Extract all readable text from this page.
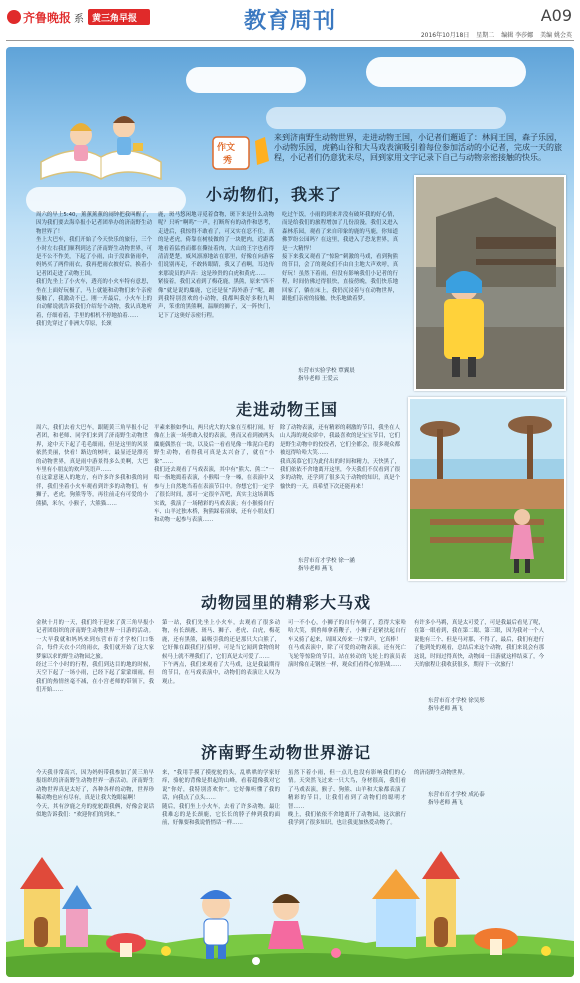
齐鲁晚报 系 黄三角早报	教育周刊	A09
2016年10月18日 星期二 编辑 李莎娜 美编 姚会英
作文
秀
来到济南野生动物世界，走进动物王国，小记者们邂逅了：林间王国，森子乐园，小动物乐园，虎鹤山谷和大马戏表演吸引着每位参加活动的小记者，完成一天的旅程，小记者们仍意犹未尽，回到家用文字记录下自己与动物亲密接触的快乐。
小动物们，我来了
周六的早上5:40，薰薰薰薰的闹钟把我叫醒了，因为我们要去海阜报小记者团举办的济南野生动物世界了！
坐上大巴车，我们开始了今天快乐的旅行，三个小时左右我们顺利到达了济南野生动物世界，可是不公不作美，下起了小雨，由于没准备雨伞，妈妈买了两件雨衣，我再把雨衣披好后，换着小记者团走进了动物王国。
我们先坐上了小火车，透亮的小火车特有意思，坐在上面好玩极了，马上就能和动物们来个亲密接触了，我激动不已。刚一开最后，小火车上的自动解说就告诉我们介绍每个动物，我认真地听着，仔细看着，手里的相机不停地拍着……
我们先穿过了非洲大草原，长颈
鹿，斑马悠闲地寻觅着食物，斑下来是什么动物呢？只听“啊呜”一声，打断所有的动作和思考，走进后，我惊得不敢看了，可又实在忍不住，真的是老虎，倚靠在树枝做的了一块肥肉，近距离地看着猛兽而都在撕扯着肉，大山的王字也看得清清楚楚，威风凛凛地站在那里，好像在向游客们说别再走，不敢转眼睛，我又了看啊，耳边传来那说员的声音：这是珍贵的白虎和黄虎……
紧接着，我们又看到了梅花鹿，黑熊，原来“四不像”就是说的麋鹿，它还是征“海外游子”呢，蹦到我特别喜欢的小动物，我都叫我好多粉九叫声，笨重的黑熊啊，温顺的狮子，又一阵快门，记下了这奥好亲密行程。
吃过午饭，小雨的到来并没有破坏我的好心情，而是给我们的旅程增加了几份浪漫，我们又进入森林乐园，观看了来自印象的鹿的马鹿，你知道佛罗纷公园吗？在这里，我进入了恐龙世界，真是一大精悍！
接下来我又观看了“惊险”刺激的马戏，看到狗熊的节目，会了的观众们不由自主地大声欢呼，真好玩！虽然下着雨，但没有影响我们小记者的行程，时间仿佛过得很快，直接傍晚，我们快乐地回家了，躺在床上，我仍沉浸着与在动物世界，跟他们亲密的接触，快乐地做着梦。
东营市实验学校 覃翼晨
指导老师 王爱云
走进动物王国
周六，我们去看大巴车，跟随黄三角早报小记者团，和老师、同学们来到了济南野生动物世界，途中天下起了毛毛细雨，但是这里的风景依然美丽，快看！路边的树叶，最显还是漂亮的动物世界，真是雨中游景得多么美啊，大巴车里有小朋友的欢声笑语声……
在这蒙意迷人的地方，有许多许多我和我的同伴，我们坐着小火车观看到许多的动物们，有狮子，老虎，狗熊等等，再往前走有可爱的小熊猫，米尔，小猴子，大熊猫……
平素来猴如季山，两只虎大的大象在互相打闹，好像在上演一场勇敢入侵的表演，勇而又看到被两头麋鹿偶然在一块，以及后一看看见像一堆泥白毛的野生动物，看得我可真是太兴奋了，就在“小象”……
我们还去观看了马戏表演，其中有“熊大、熊二”一唱一指地捣着表演，小猴唱一身一嗓，在表演中又参与上自然地当着在表演节目中。你想它们一定学了很长时间，那可一定很辛苦吧，真实主这场训练实战，我演了一场精彩的马戏表演；有小猴骑自行车、山羊过独木桥，狗熊踩着滚球，还有小朋友们和动物一起参与表演……
除了动物表演，还有精彩的刺激的节目，我坐在人山人海的观众席中，我最喜欢的是宝宝节目，它们是野生动物中的佼佼者，它们全都会，很多观众都被逗得哈哈大笑……
我真羡慕它们为此付出的时间和精力，天快黑了，我们依依不舍地离开这里，今天我们不仅看到了很多的动物，还学到了很多关于动物的知识，真是个愉快的一天，真希望下次还能再来！
东营市育才学校 徐一涵
指导老师 燕飞
动物园里的精彩大马戏
金秋十月的一天，我们终于迎来了黄三角早报小记者团组织的济南野生动物世界一日游的活动。一大早我就和妈妈来到东营市育才学校门口集合，每件天衣小兴的雨衣，我们就开始了这大家梦寐以求的野生动物园之旅。
经过三个小时的行程，我们到达目的地的时候，天空下起了一场小雨，已经下起了蒙蒙细雨，但我们的热情丝毫不减，在小宫老师的带领下，我们开始……
第一站，我们先坐上小火车，去观看了很多动物，有长颈鹿、斑马、狮子、老虎、白虎，梅花鹿，还有黑熊，最吸引我的还是那只大白熊了，它好像在跟我们打招呼，可是当它闻到食物的时候马上就不理我们了，它们真是太可爱了……
下午两点，我们来观看了大马戏，这是我最期待的节目，在马戏表演中，动物们的表演让人叹为观止。
可一不小心，小狮子的自行车倒了，惹得大家哈哈大笑，驯兽师拿着鞭子，小狮子赶紧扶起自行车又骑了起来，周围又传来一片掌声，它真棒！
在马戏表演中，除了可爱的动物表演，还有死亡飞轮等惊险的节目，站在转动的飞轮上的演员表演时像在走钢丝一样，观众们看得心惊胆战……
有许多小马羁，真是太可爱了，可是我最后看见了呢，在第一眼看到，我在第二眼、第三眼，因为我对一个人说他有三个、但是马对那，不得了，最后，我们有进行了他到处的观看，总结后来这个动物，我们来说会有那这说，时间过得真快，动物园一日游就这样结束了，今天的旅程让我收获很多，期待下一次旅行！
东营市育才学校 徐吴彤
指导老师 燕飞
济南野生动物世界游记
今天我非常高兴，因为妈妈带我参加了黄三角早报组织的济南野生动物世界一游活动。济南野生动物世界真是太好了，各种各样的动物，世界珍稀动物也应有尽有，真是让我大饱眼福啊！
今天，其有汐鹿之舟的驼驼跟我俩，好像会说话似地告诉我们：“欢迎你们的到来。”
来，“我用手摸了摸驼驼的头，乱哄哄的学家好痒，骆驼的背像是拱起的山峰，看着超像我对它说“你好，我特别喜欢你”。它好像听懂了我的话，向我点了点头……
随后，我们坐上小火车，去看了许多动物。最让我难忘的是长颈鹿，它长长的脖子伸到我的面前，好像要和我说悄悄话一样……
虽然下着小雨，但一点儿也没有影响我们的心情。天突然飞过来一只大鸟，身材很高，我们看了马戏表演，猴子、狗熊、山羊和大象都表演了精彩的节目，让我们看到了动物们的聪明才智……
晚上，我们依依不舍地离开了动物园，这次旅行我学到了很多知识，也让我更加热爱动物了。
的济南野生动物世界。
东营市育才学校 成沁泰
指导老师 燕飞
